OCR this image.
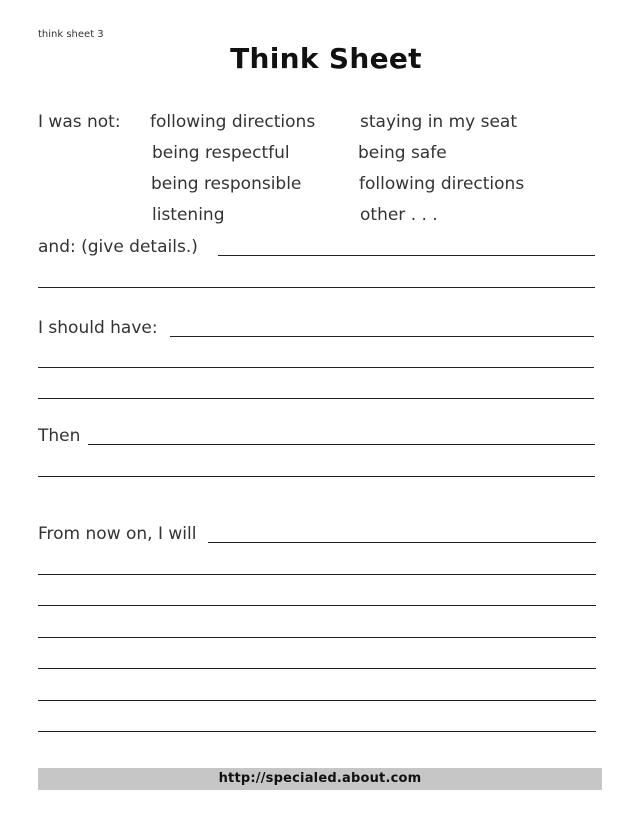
think sheet 3
Think Sheet
I was not: following directions
being respectful
being responsible
listening
staying in my seat
being safe
following directions
other . . .
and: (give details.)
I should have:
Then
From now on, I will
http://specialed.about.com
